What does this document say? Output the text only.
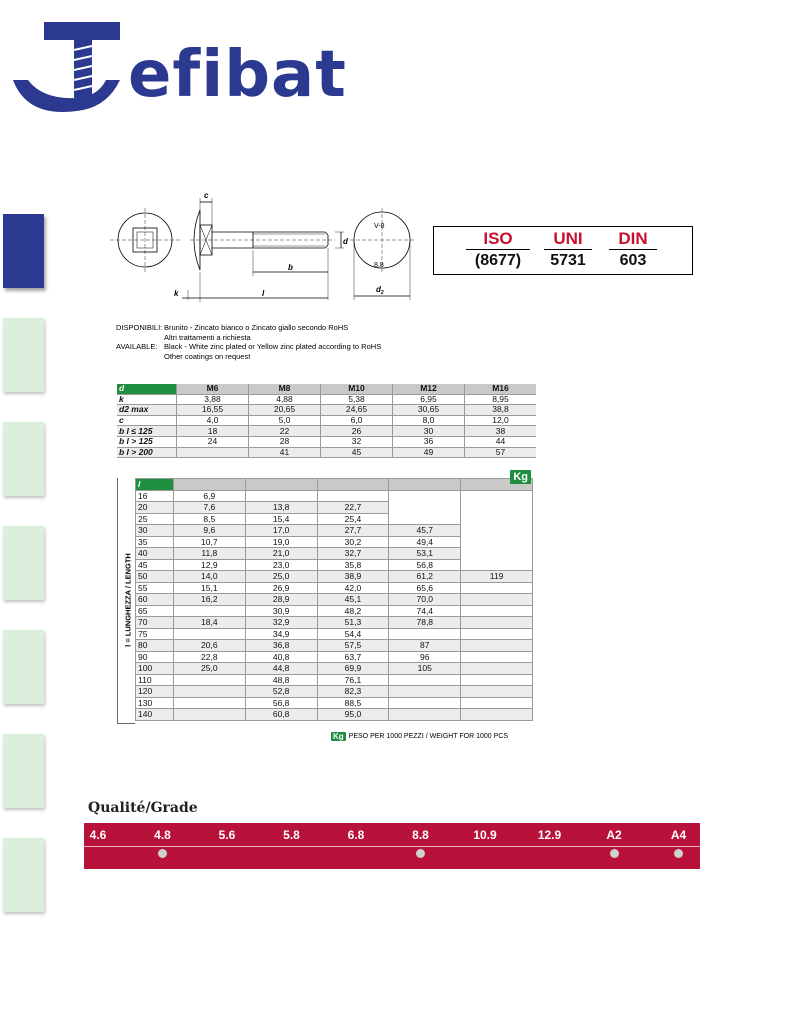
efibat
c
k	l
b
d
$d_2$
V-8
8.8
ISO
(8677)
UNI
5731
DIN
603
DISPONIBILI: Brunito - Zincato bianco o Zincato giallo secondo RoHS
Altri trattamenti a richiesta
AVAILABLE: Black - White zinc plated or Yellow zinc plated according to RoHS
Other coatings on request
d	M6	M8	M10	M12	M16
k	3,88	4,88	5,38	6,95	8,95
d2 max	16,55	20,65	24,65	30,65	38,8
c	4,0	5,0	6,0	8,0	12,0
b l ≤ 125	18	22	26	30	38
b l > 125	24	28	32	36	44
b l > 200		41	45	49	57
l = LUNGHEZZA / LENGTH
l					
16	6,9				
20	7,6	13,8	22,7		
25	8,5	15,4	25,4		
30	9,6	17,0	27,7	45,7	
35	10,7	19,0	30,2	49,4	
40	11,8	21,0	32,7	53,1	
45	12,9	23,0	35,8	56,8	
50	14,0	25,0	38,9	61,2	119
55	15,1	26,9	42,0	65,6	
60	16,2	28,9	45,1	70,0	
65		30,9	48,2	74,4	
70	18,4	32,9	51,3	78,8	
75		34,9	54,4		
80	20,6	36,8	57,5	87	
90	22,8	40,8	63,7	96	
100	25,0	44,8	69,9	105	
110		48,8	76,1		
120		52,8	82,3		
130		56,8	88,5		
140		60,8	95,0		
Kg
Kg PESO PER 1000 PEZZI / WEIGHT FOR 1000 PCS
Qualité/Grade
4.6	4.8	5.6	5.8	6.8	8.8	10.9	12.9	A2	A4
